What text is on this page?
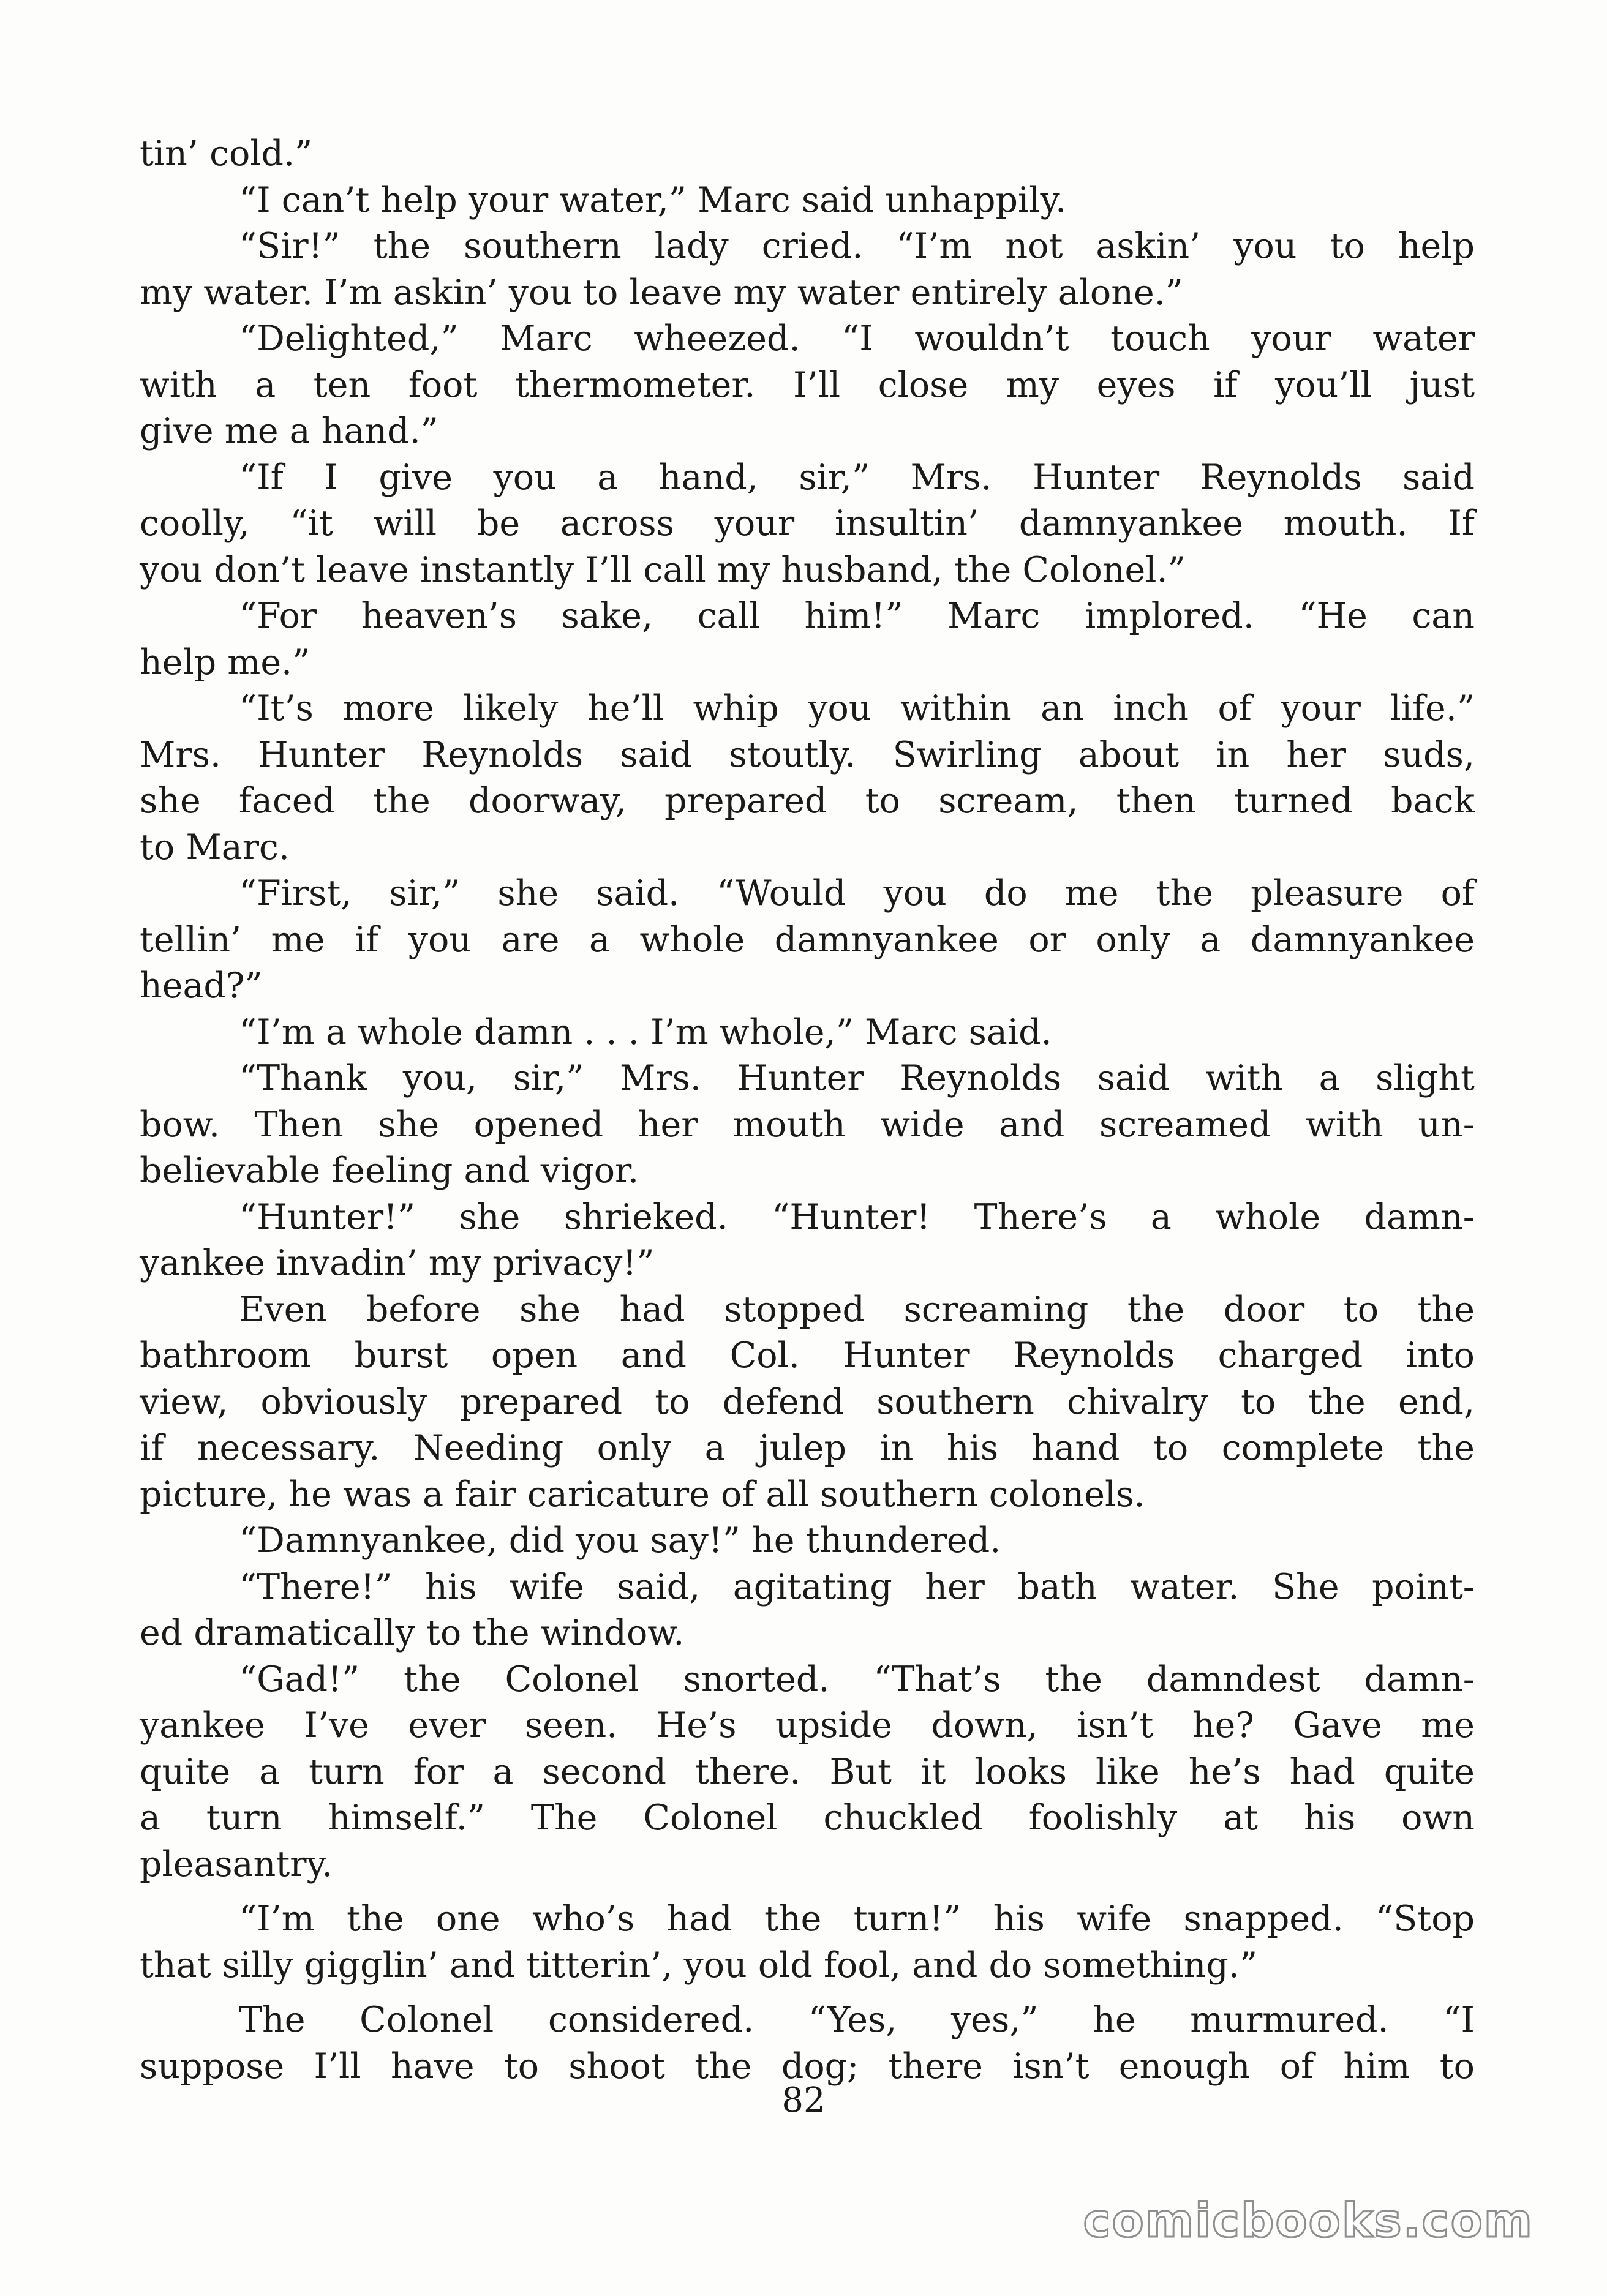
tin’ cold.”
“I can’t help your water,” Marc said unhappily.
“Sir!” the southern lady cried. “I’m not askin’ you to help
my water. I’m askin’ you to leave my water entirely alone.”
“Delighted,” Marc wheezed. “I wouldn’t touch your water
with a ten foot thermometer. I’ll close my eyes if you’ll just
give me a hand.”
“If I give you a hand, sir,” Mrs. Hunter Reynolds said
coolly, “it will be across your insultin’ damnyankee mouth. If
you don’t leave instantly I’ll call my husband, the Colonel.”
“For heaven’s sake, call him!” Marc implored. “He can
help me.”
“It’s more likely he’ll whip you within an inch of your life.”
Mrs. Hunter Reynolds said stoutly. Swirling about in her suds,
she faced the doorway, prepared to scream, then turned back
to Marc.
“First, sir,” she said. “Would you do me the pleasure of
tellin’ me if you are a whole damnyankee or only a damnyankee
head?”
“I’m a whole damn . . . I’m whole,” Marc said.
“Thank you, sir,” Mrs. Hunter Reynolds said with a slight
bow. Then she opened her mouth wide and screamed with un-
believable feeling and vigor.
“Hunter!” she shrieked. “Hunter! There’s a whole damn-
yankee invadin’ my privacy!”
Even before she had stopped screaming the door to the
bathroom burst open and Col. Hunter Reynolds charged into
view, obviously prepared to defend southern chivalry to the end,
if necessary. Needing only a julep in his hand to complete the
picture, he was a fair caricature of all southern colonels.
“Damnyankee, did you say!” he thundered.
“There!” his wife said, agitating her bath water. She point-
ed dramatically to the window.
“Gad!” the Colonel snorted. “That’s the damndest damn-
yankee I’ve ever seen. He’s upside down, isn’t he? Gave me
quite a turn for a second there. But it looks like he’s had quite
a turn himself.” The Colonel chuckled foolishly at his own
pleasantry.
“I’m the one who’s had the turn!” his wife snapped. “Stop
that silly gigglin’ and titterin’, you old fool, and do something.”
The Colonel considered. “Yes, yes,” he murmured. “I
suppose I’ll have to shoot the dog; there isn’t enough of him to
82
comicbooks.com
